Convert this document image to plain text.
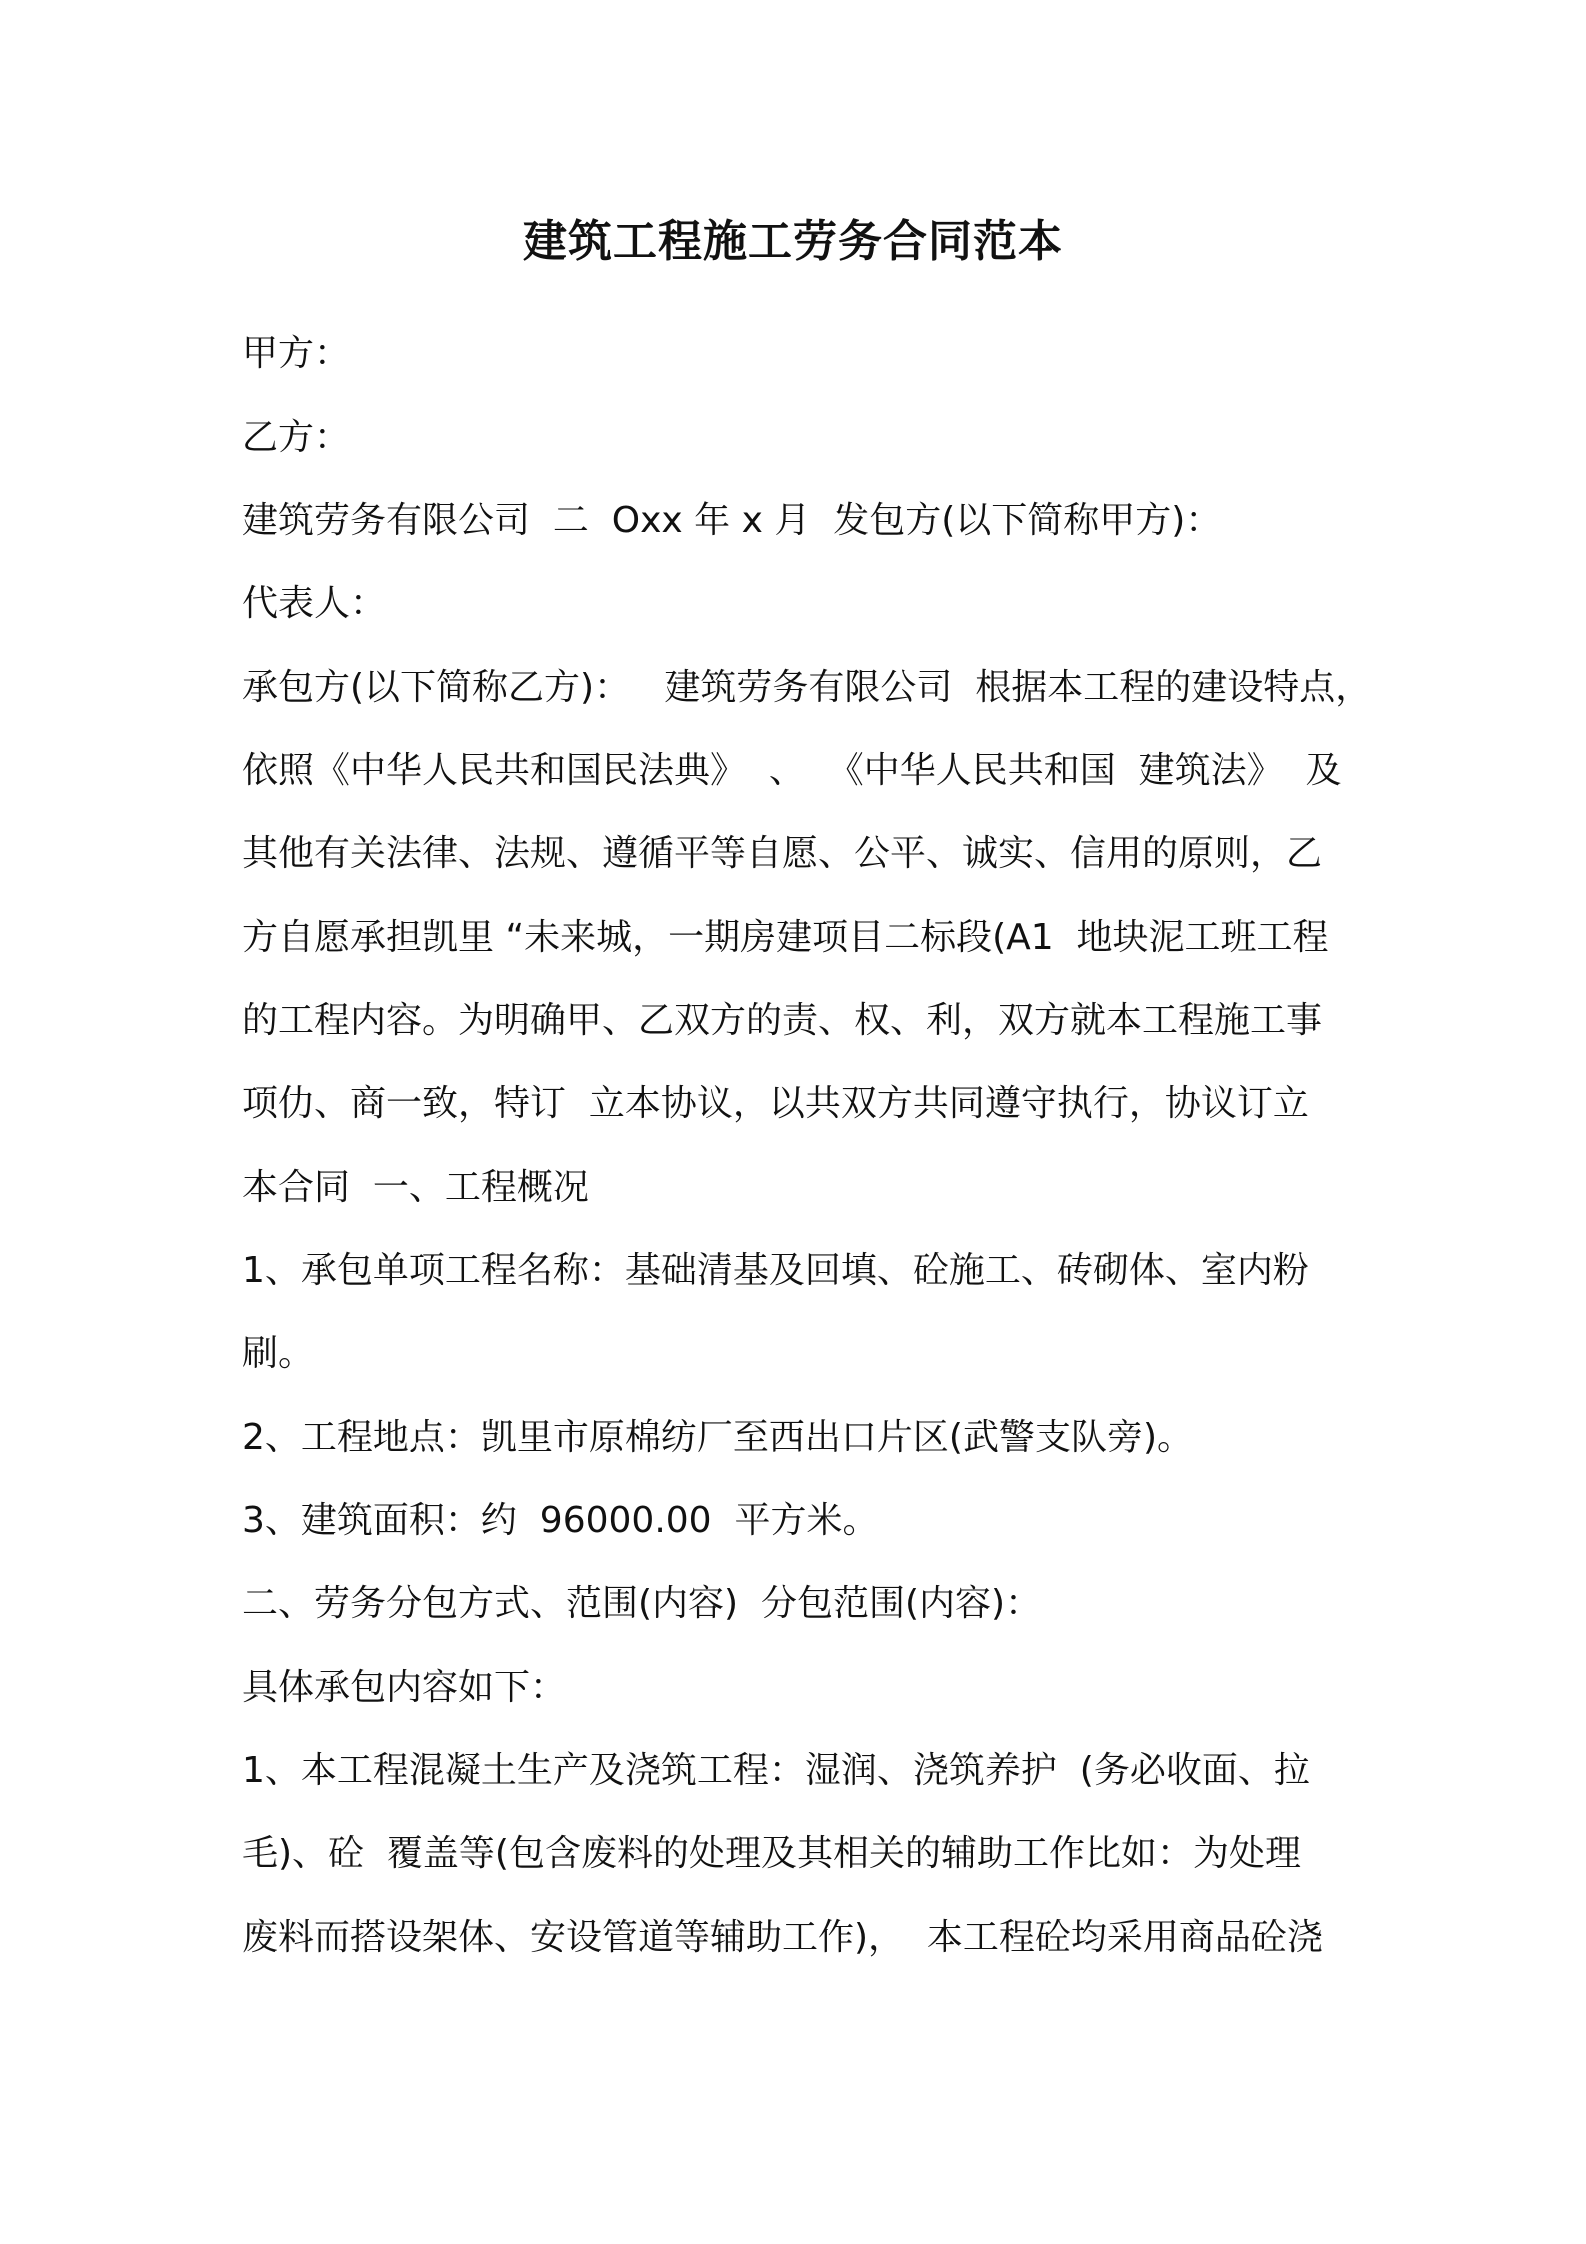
建筑工程施工劳务合同范本
甲方：
乙方：
建筑劳务有限公司  二  Oxx 年 x 月  发包方(以下简称甲方)：
代表人：
承包方(以下简称乙方)：   建筑劳务有限公司  根据本工程的建设特点，
依照《中华人民共和国民法典》  、  《中华人民共和国  建筑法》  及
其他有关法律、法规、遵循平等自愿、公平、诚实、信用的原则，乙
方自愿承担凯里 “未来城，一期房建项目二标段(A1  地块泥工班工程
的工程内容。为明确甲、乙双方的责、权、利，双方就本工程施工事
项仂、商一致，特订  立本协议，以共双方共同遵守执行，协议订立
本合同  一、工程概况
1、承包单项工程名称：基础清基及回填、砼施工、砖砌体、室内粉
刷。
2、工程地点：凯里市原棉纺厂至西出口片区(武警支队旁)。
3、建筑面积：约  96000.00  平方米。
二、劳务分包方式、范围(内容)  分包范围(内容)：
具体承包内容如下：
1、本工程混凝土生产及浇筑工程：湿润、浇筑养护  (务必收面、拉
毛)、砼  覆盖等(包含废料的处理及其相关的辅助工作比如：为处理
废料而搭设架体、安设管道等辅助工作)，  本工程砼均采用商品砼浇
